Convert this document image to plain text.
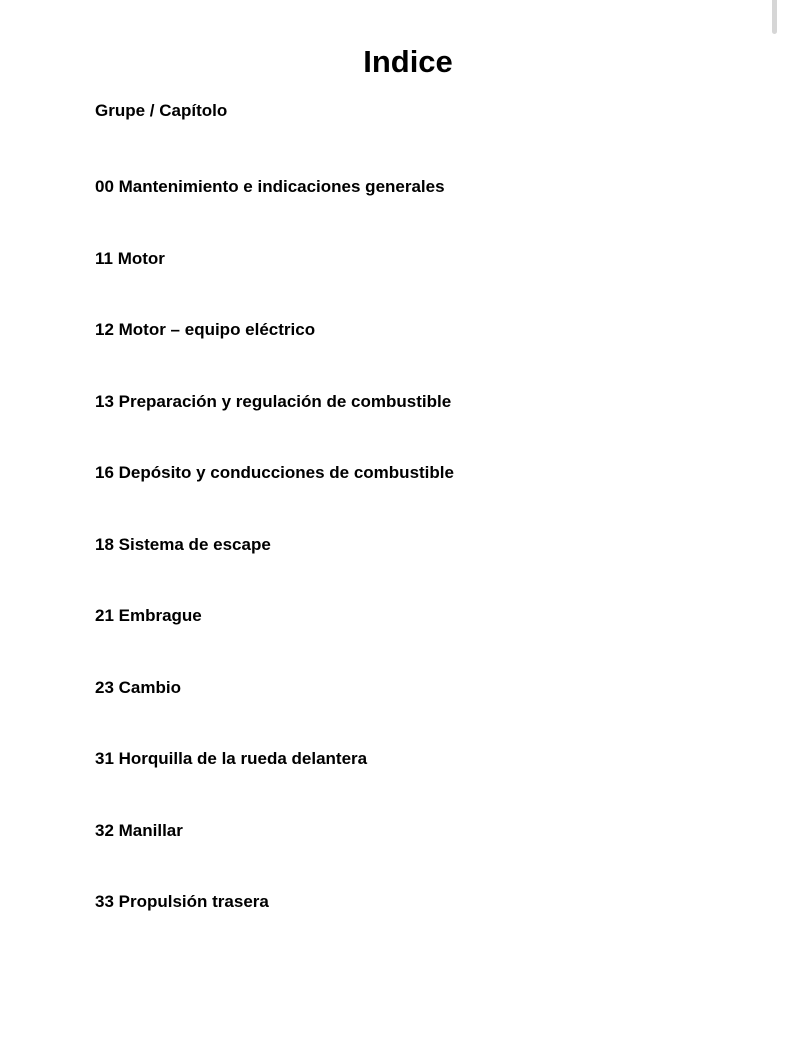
Indice
Grupe / Capítolo
00 Mantenimiento e indicaciones generales
11 Motor
12 Motor – equipo eléctrico
13 Preparación y regulación de combustible
16 Depósito y conducciones de combustible
18 Sistema de escape
21 Embrague
23 Cambio
31 Horquilla de la rueda delantera
32 Manillar
33 Propulsión trasera
